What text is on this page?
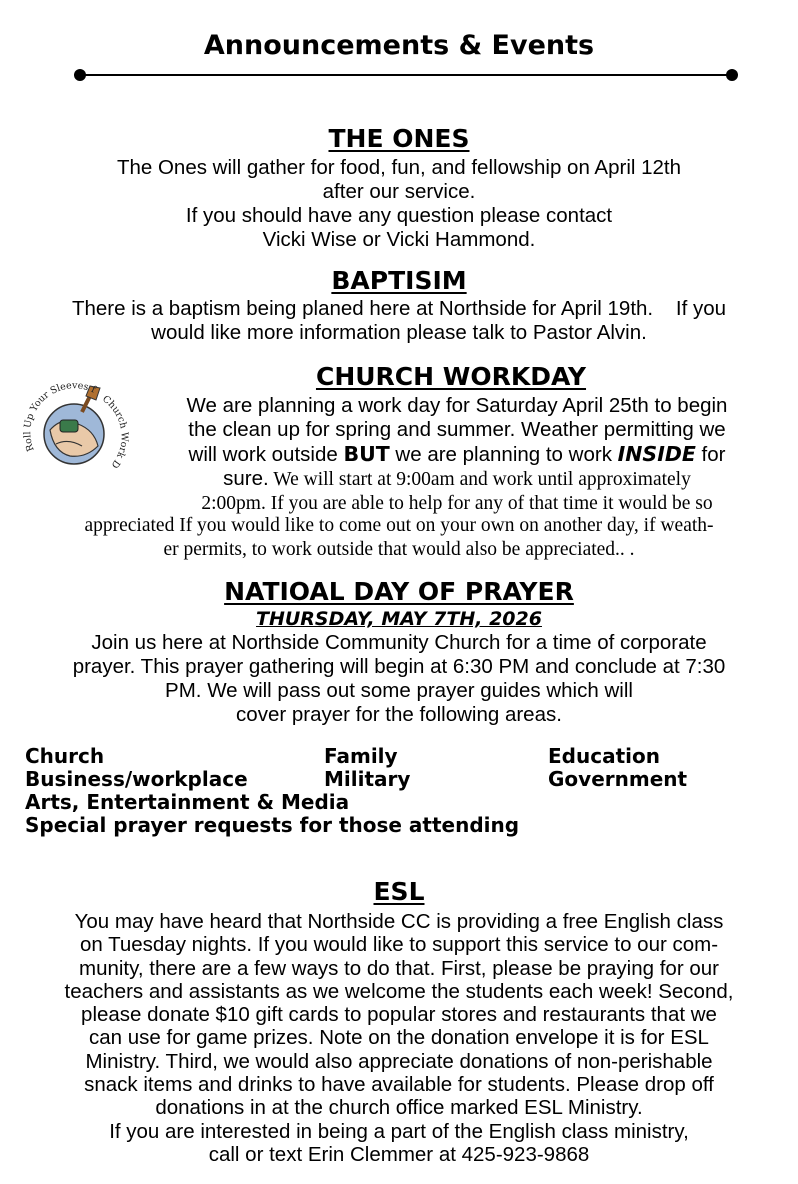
Announcements & Events
THE ONES
The Ones will gather for food, fun, and fellowship on April 12th
after our service.
If you should have any question please contact
Vicki Wise or Vicki Hammond.
BAPTISIM
There is a baptism being planed here at Northside for April 19th.    If you
would like more information please talk to Pastor Alvin.
CHURCH WORKDAY
Roll Up Your Sleeves f
Church Work D
We are planning a work day for Saturday April 25th to begin
the clean up for spring and summer. Weather permitting we
will work outside BUT we are planning to work INSIDE for
sure. We will start at 9:00am and work until approximately
2:00pm. If you are able to help for any of that time it would be so
appreciated If you would like to come out on your own on another day, if weath-
er permits, to work outside that would also be appreciated.. .
NATIOAL DAY OF PRAYER
THURSDAY, MAY 7TH, 2026
Join us here at Northside Community Church for a time of corporate
prayer. This prayer gathering will begin at 6:30 PM and conclude at 7:30
PM. We will pass out some prayer guides which will
cover prayer for the following areas.
Church	Family	Education
Business/workplace	Military	Government
Arts, Entertainment & Media
Special prayer requests for those attending
ESL
You may have heard that Northside CC is providing a free English class
on Tuesday nights. If you would like to support this service to our com-
munity, there are a few ways to do that. First, please be praying for our
teachers and assistants as we welcome the students each week! Second,
please donate $10 gift cards to popular stores and restaurants that we
can use for game prizes. Note on the donation envelope it is for ESL
Ministry. Third, we would also appreciate donations of non-perishable
snack items and drinks to have available for students. Please drop off
donations in at the church office marked ESL Ministry.
If you are interested in being a part of the English class ministry,
call or text Erin Clemmer at 425-923-9868
